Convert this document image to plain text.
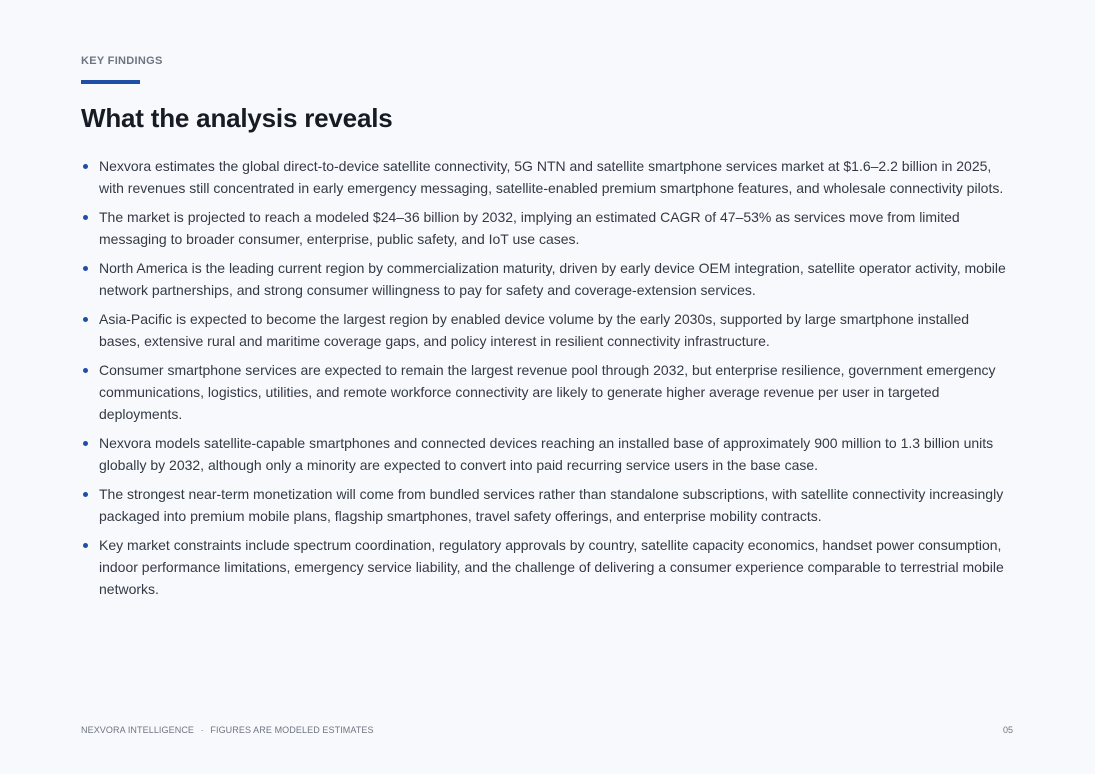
KEY FINDINGS
What the analysis reveals
Nexvora estimates the global direct-to-device satellite connectivity, 5G NTN and satellite smartphone services market at $1.6–2.2 billion in 2025, with revenues still concentrated in early emergency messaging, satellite-enabled premium smartphone features, and wholesale connectivity pilots.
The market is projected to reach a modeled $24–36 billion by 2032, implying an estimated CAGR of 47–53% as services move from limited messaging to broader consumer, enterprise, public safety, and IoT use cases.
North America is the leading current region by commercialization maturity, driven by early device OEM integration, satellite operator activity, mobile network partnerships, and strong consumer willingness to pay for safety and coverage-extension services.
Asia-Pacific is expected to become the largest region by enabled device volume by the early 2030s, supported by large smartphone installed bases, extensive rural and maritime coverage gaps, and policy interest in resilient connectivity infrastructure.
Consumer smartphone services are expected to remain the largest revenue pool through 2032, but enterprise resilience, government emergency communications, logistics, utilities, and remote workforce connectivity are likely to generate higher average revenue per user in targeted deployments.
Nexvora models satellite-capable smartphones and connected devices reaching an installed base of approximately 900 million to 1.3 billion units globally by 2032, although only a minority are expected to convert into paid recurring service users in the base case.
The strongest near-term monetization will come from bundled services rather than standalone subscriptions, with satellite connectivity increasingly packaged into premium mobile plans, flagship smartphones, travel safety offerings, and enterprise mobility contracts.
Key market constraints include spectrum coordination, regulatory approvals by country, satellite capacity economics, handset power consumption, indoor performance limitations, emergency service liability, and the challenge of delivering a consumer experience comparable to terrestrial mobile networks.
NEXVORA INTELLIGENCE · FIGURES ARE MODELED ESTIMATES	05
